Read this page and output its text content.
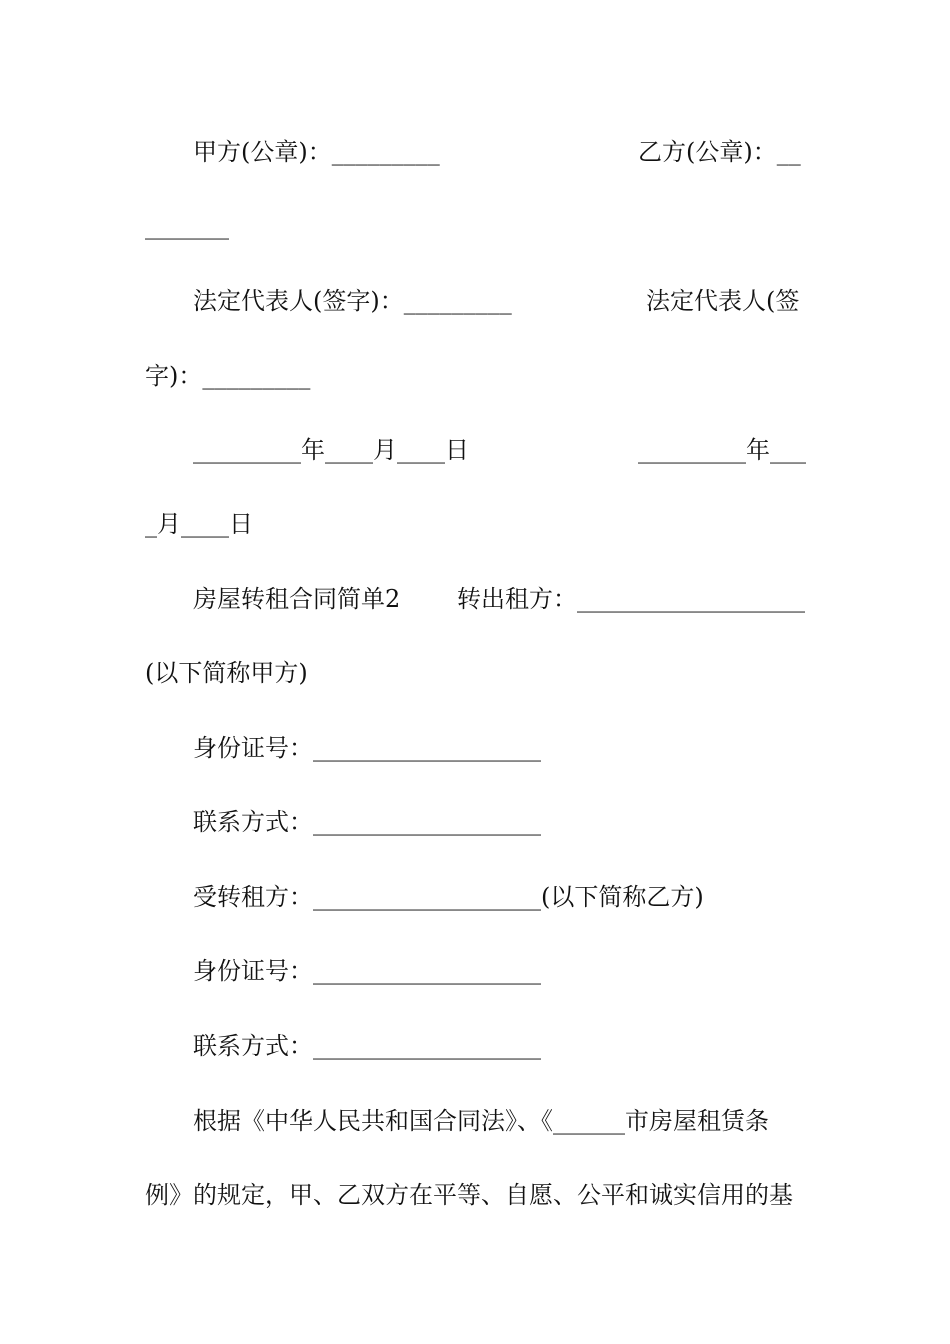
甲方(公章)：_________	乙方(公章)：__
_______
法定代表人(签字)：_________	法定代表人(签
字)：_________
_________年____月____日	_________年___
_月____日
房屋转租合同简单2 转出租方：___________________
(以下简称甲方)
身份证号：___________________
联系方式：___________________
受转租方：___________________(以下简称乙方)
身份证号：___________________
联系方式：___________________
根据《中华人民共和国合同法》、《______市房屋租赁条
例》的规定，甲、乙双方在平等、自愿、公平和诚实信用的基
